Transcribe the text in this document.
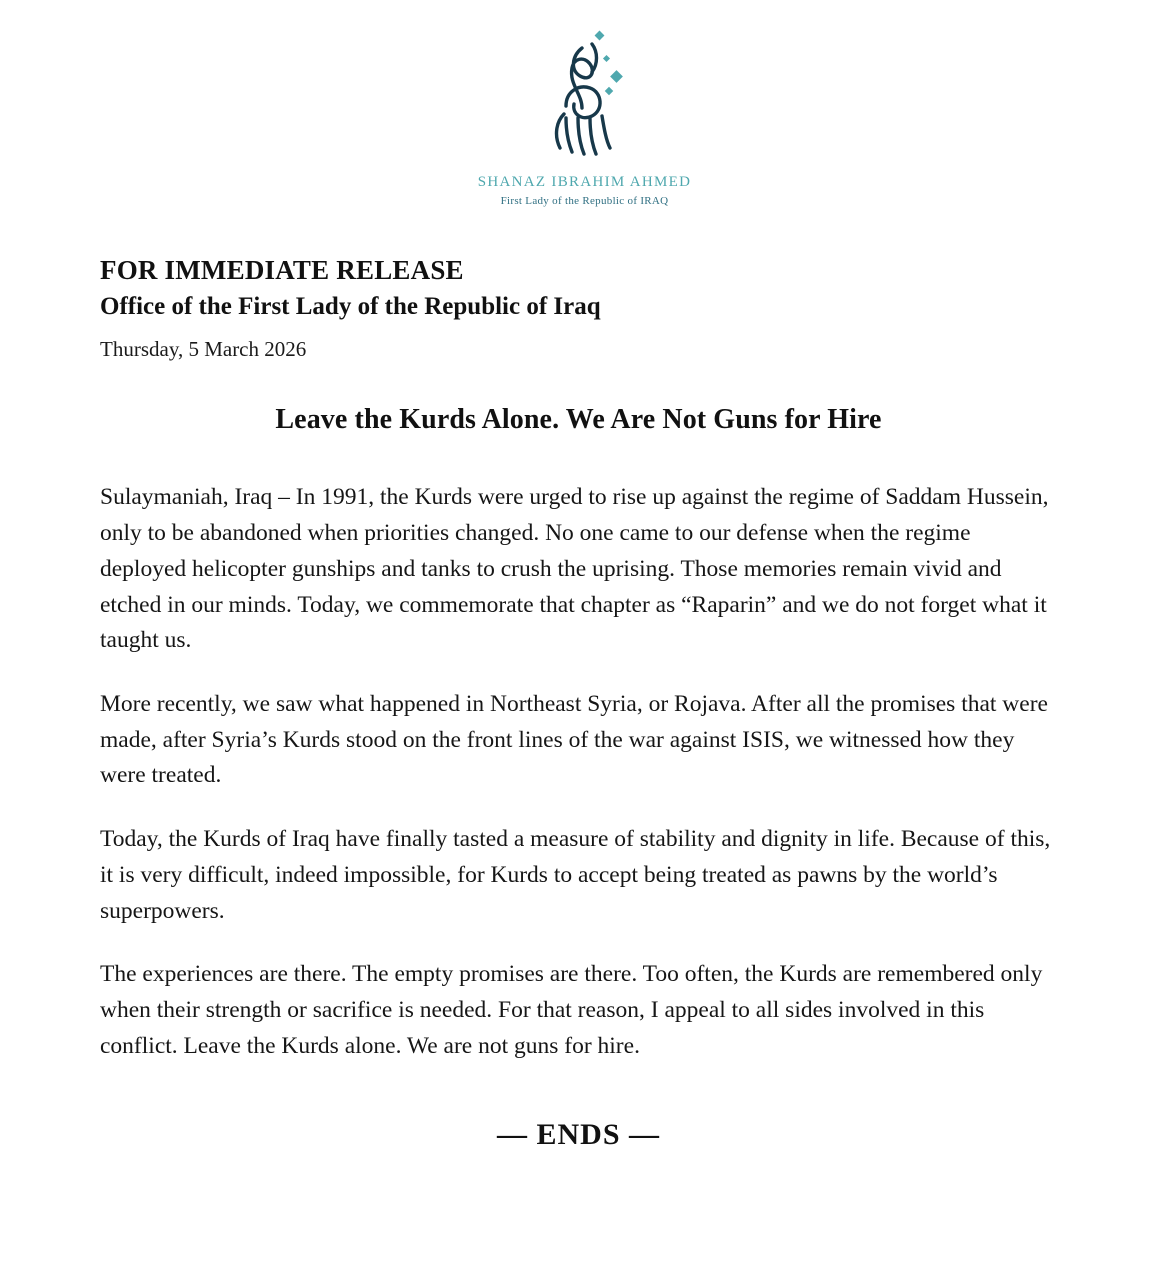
SHANAZ IBRAHIM AHMED
First Lady of the Republic of IRAQ
FOR IMMEDIATE RELEASE
Office of the First Lady of the Republic of Iraq
Thursday, 5 March 2026
Leave the Kurds Alone. We Are Not Guns for Hire

Sulaymaniah, Iraq – In 1991, the Kurds were urged to rise up against the regime of Saddam Hussein, only to be abandoned when priorities changed. No one came to our defense when the regime deployed helicopter gunships and tanks to crush the uprising. Those memories remain vivid and etched in our minds. Today, we commemorate that chapter as “Raparin” and we do not forget what it taught us.

More recently, we saw what happened in Northeast Syria, or Rojava. After all the promises that were made, after Syria’s Kurds stood on the front lines of the war against ISIS, we witnessed how they were treated.

Today, the Kurds of Iraq have finally tasted a measure of stability and dignity in life. Because of this, it is very difficult, indeed impossible, for Kurds to accept being treated as pawns by the world’s superpowers.

The experiences are there. The empty promises are there. Too often, the Kurds are remembered only when their strength or sacrifice is needed. For that reason, I appeal to all sides involved in this conflict. Leave the Kurds alone. We are not guns for hire.

— ENDS —
